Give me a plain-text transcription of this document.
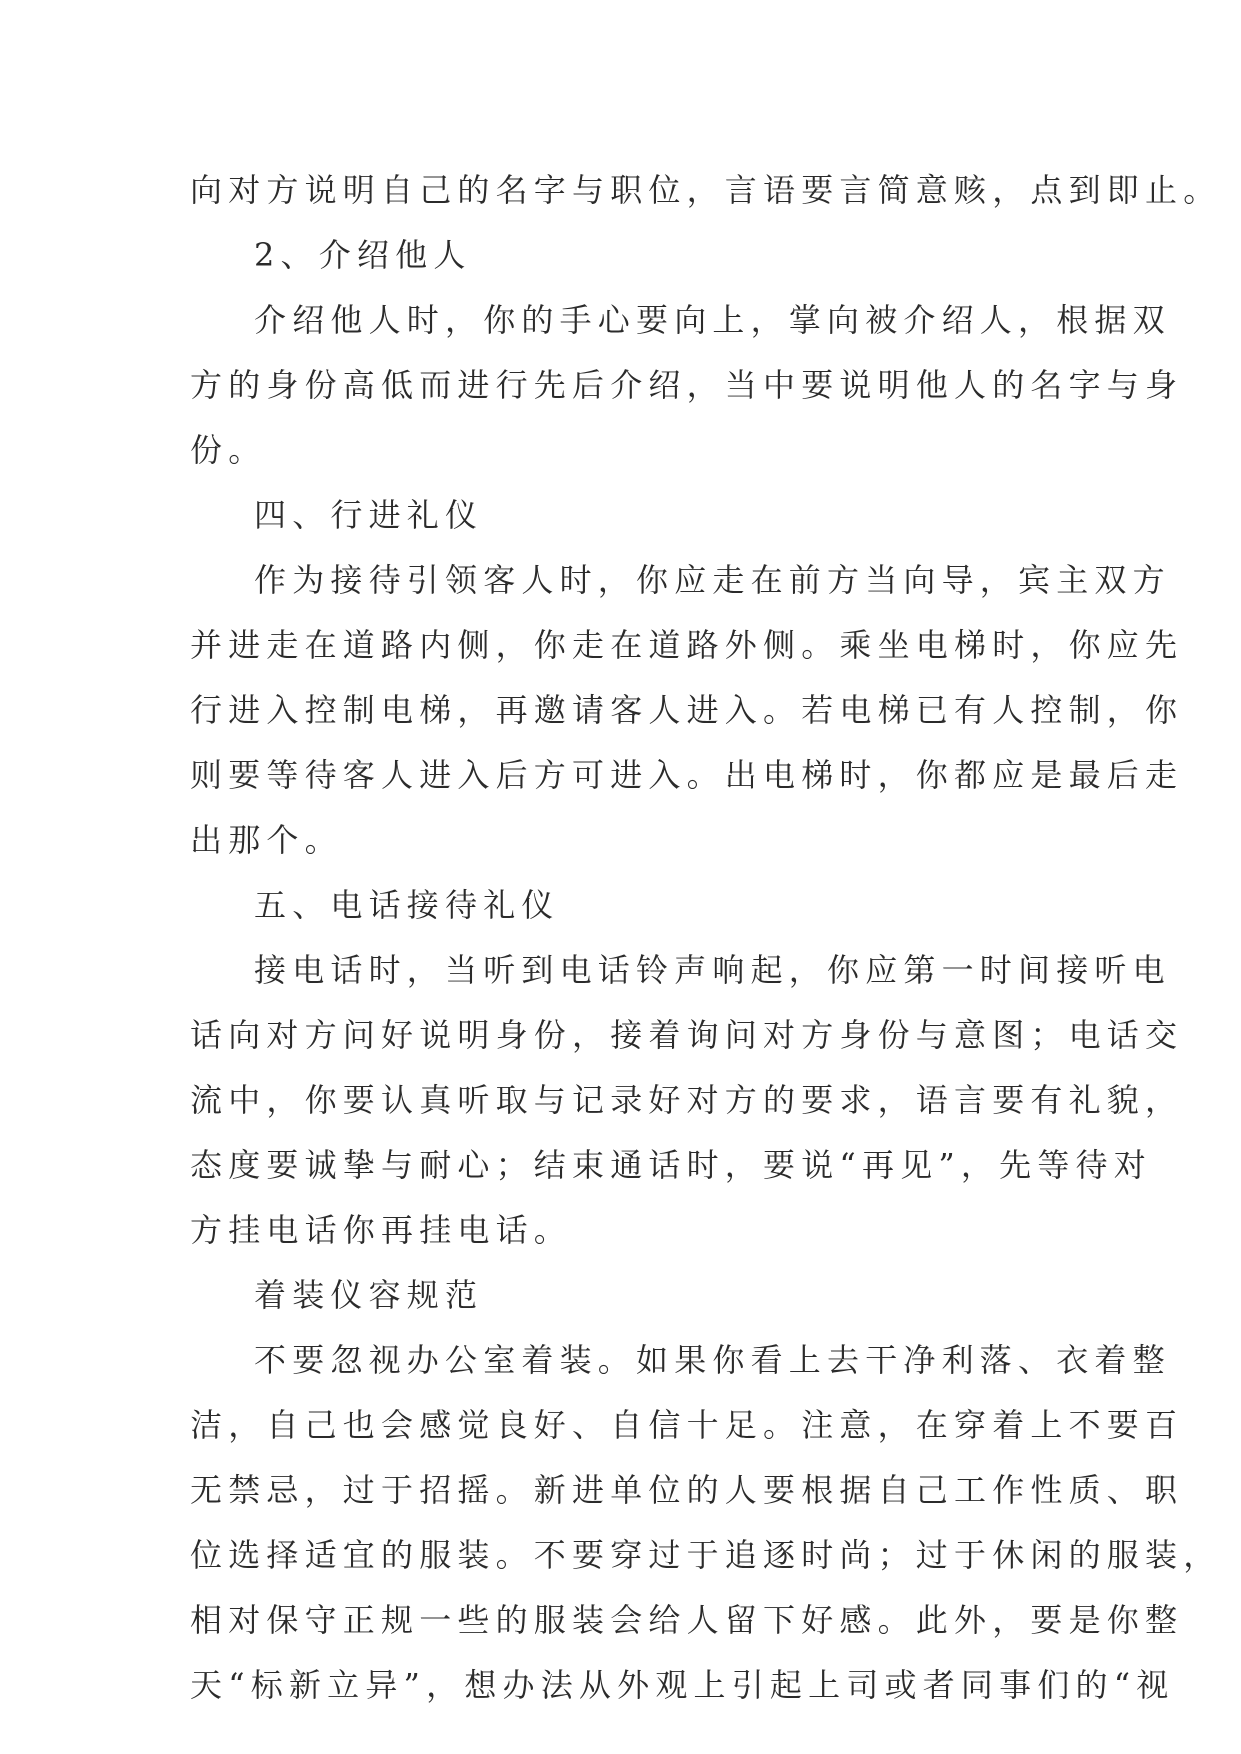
向对方说明自己的名字与职位，言语要言简意赅，点到即止。
2、介绍他人
介绍他人时，你的手心要向上，掌向被介绍人，根据双
方的身份高低而进行先后介绍，当中要说明他人的名字与身
份。
四、行进礼仪
作为接待引领客人时，你应走在前方当向导，宾主双方
并进走在道路内侧，你走在道路外侧。乘坐电梯时，你应先
行进入控制电梯，再邀请客人进入。若电梯已有人控制，你
则要等待客人进入后方可进入。出电梯时，你都应是最后走
出那个。
五、电话接待礼仪
接电话时，当听到电话铃声响起，你应第一时间接听电
话向对方问好说明身份，接着询问对方身份与意图；电话交
流中，你要认真听取与记录好对方的要求，语言要有礼貌，
态度要诚挚与耐心；结束通话时，要说“再见”，先等待对
方挂电话你再挂电话。
着装仪容规范
不要忽视办公室着装。如果你看上去干净利落、衣着整
洁，自己也会感觉良好、自信十足。注意，在穿着上不要百
无禁忌，过于招摇。新进单位的人要根据自己工作性质、职
位选择适宜的服装。不要穿过于追逐时尚；过于休闲的服装，
相对保守正规一些的服装会给人留下好感。此外，要是你整
天“标新立异”，想办法从外观上引起上司或者同事们的“视
